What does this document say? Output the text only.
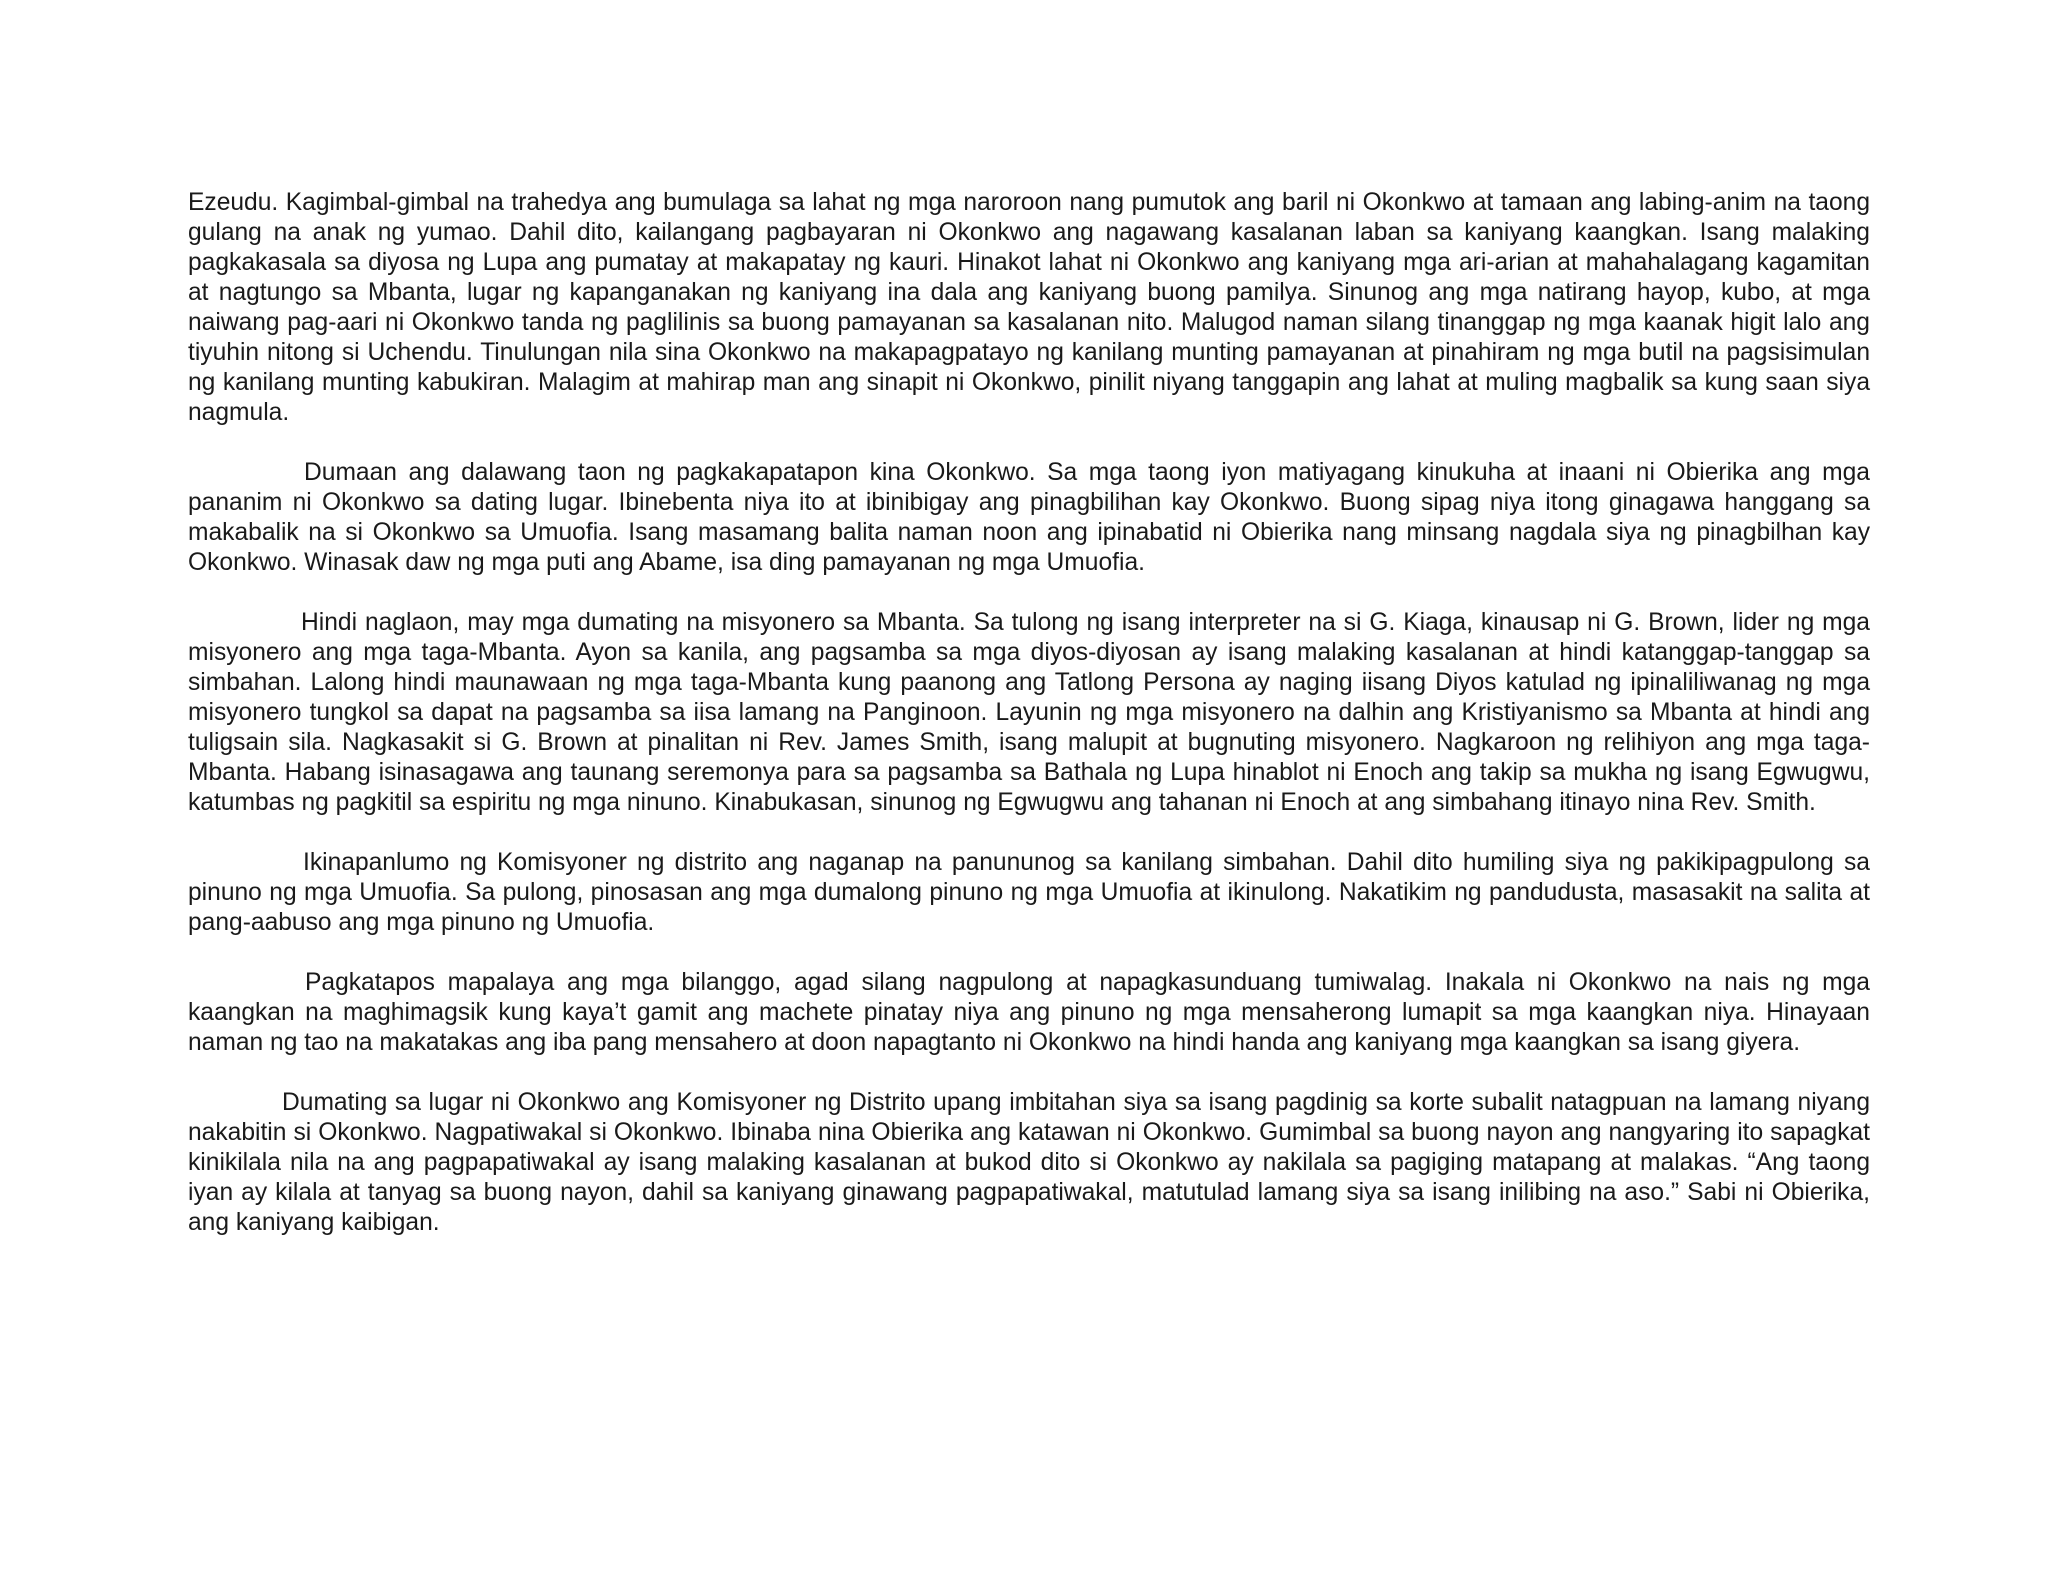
Ezeudu. Kagimbal-gimbal na trahedya ang bumulaga sa lahat ng mga naroroon nang pumutok ang baril ni Okonkwo at tamaan ang labing-anim na taong gulang na anak ng yumao. Dahil dito, kailangang pagbayaran ni Okonkwo ang nagawang kasalanan laban sa kaniyang kaangkan. Isang malaking pagkakasala sa diyosa ng Lupa ang pumatay at makapatay ng kauri. Hinakot lahat ni Okonkwo ang kaniyang mga ari-arian at mahahalagang kagamitan at nagtungo sa Mbanta, lugar ng kapanganakan ng kaniyang ina dala ang kaniyang buong pamilya. Sinunog ang mga natirang hayop, kubo, at mga naiwang pag-aari ni Okonkwo tanda ng paglilinis sa buong pamayanan sa kasalanan nito. Malugod naman silang tinanggap ng mga kaanak higit lalo ang tiyuhin nitong si Uchendu. Tinulungan nila sina Okonkwo na makapagpatayo ng kanilang munting pamayanan at pinahiram ng mga butil na pagsisimulan ng kanilang munting kabukiran. Malagim at mahirap man ang sinapit ni Okonkwo, pinilit niyang tanggapin ang lahat at muling magbalik sa kung saan siya nagmula.

Dumaan ang dalawang taon ng pagkakapatapon kina Okonkwo. Sa mga taong iyon matiyagang kinukuha at inaani ni Obierika ang mga pananim ni Okonkwo sa dating lugar. Ibinebenta niya ito at ibinibigay ang pinagbilihan kay Okonkwo. Buong sipag niya itong ginagawa hanggang sa makabalik na si Okonkwo sa Umuofia. Isang masamang balita naman noon ang ipinabatid ni Obierika nang minsang nagdala siya ng pinagbilhan kay Okonkwo. Winasak daw ng mga puti ang Abame, isa ding pamayanan ng mga Umuofia.

Hindi naglaon, may mga dumating na misyonero sa Mbanta. Sa tulong ng isang interpreter na si G. Kiaga, kinausap ni G. Brown, lider ng mga misyonero ang mga taga-Mbanta. Ayon sa kanila, ang pagsamba sa mga diyos-diyosan ay isang malaking kasalanan at hindi katanggap-tanggap sa simbahan. Lalong hindi maunawaan ng mga taga-Mbanta kung paanong ang Tatlong Persona ay naging iisang Diyos katulad ng ipinaliliwanag ng mga misyonero tungkol sa dapat na pagsamba sa iisa lamang na Panginoon. Layunin ng mga misyonero na dalhin ang Kristiyanismo sa Mbanta at hindi ang tuligsain sila. Nagkasakit si G. Brown at pinalitan ni Rev. James Smith, isang malupit at bugnuting misyonero. Nagkaroon ng relihiyon ang mga taga-Mbanta. Habang isinasagawa ang taunang seremonya para sa pagsamba sa Bathala ng Lupa hinablot ni Enoch ang takip sa mukha ng isang Egwugwu, katumbas ng pagkitil sa espiritu ng mga ninuno. Kinabukasan, sinunog ng Egwugwu ang tahanan ni Enoch at ang simbahang itinayo nina Rev. Smith.

Ikinapanlumo ng Komisyoner ng distrito ang naganap na panununog sa kanilang simbahan. Dahil dito humiling siya ng pakikipagpulong sa pinuno ng mga Umuofia. Sa pulong, pinosasan ang mga dumalong pinuno ng mga Umuofia at ikinulong. Nakatikim ng pandudusta, masasakit na salita at pang-aabuso ang mga pinuno ng Umuofia.

Pagkatapos mapalaya ang mga bilanggo, agad silang nagpulong at napagkasunduang tumiwalag. Inakala ni Okonkwo na nais ng mga kaangkan na maghimagsik kung kaya’t gamit ang machete pinatay niya ang pinuno ng mga mensaherong lumapit sa mga kaangkan niya. Hinayaan naman ng tao na makatakas ang iba pang mensahero at doon napagtanto ni Okonkwo na hindi handa ang kaniyang mga kaangkan sa isang giyera.

Dumating sa lugar ni Okonkwo ang Komisyoner ng Distrito upang imbitahan siya sa isang pagdinig sa korte subalit natagpuan na lamang niyang nakabitin si Okonkwo. Nagpatiwakal si Okonkwo. Ibinaba nina Obierika ang katawan ni Okonkwo. Gumimbal sa buong nayon ang nangyaring ito sapagkat kinikilala nila na ang pagpapatiwakal ay isang malaking kasalanan at bukod dito si Okonkwo ay nakilala sa pagiging matapang at malakas. “Ang taong iyan ay kilala at tanyag sa buong nayon, dahil sa kaniyang ginawang pagpapatiwakal, matutulad lamang siya sa isang inilibing na aso.” Sabi ni Obierika, ang kaniyang kaibigan.
